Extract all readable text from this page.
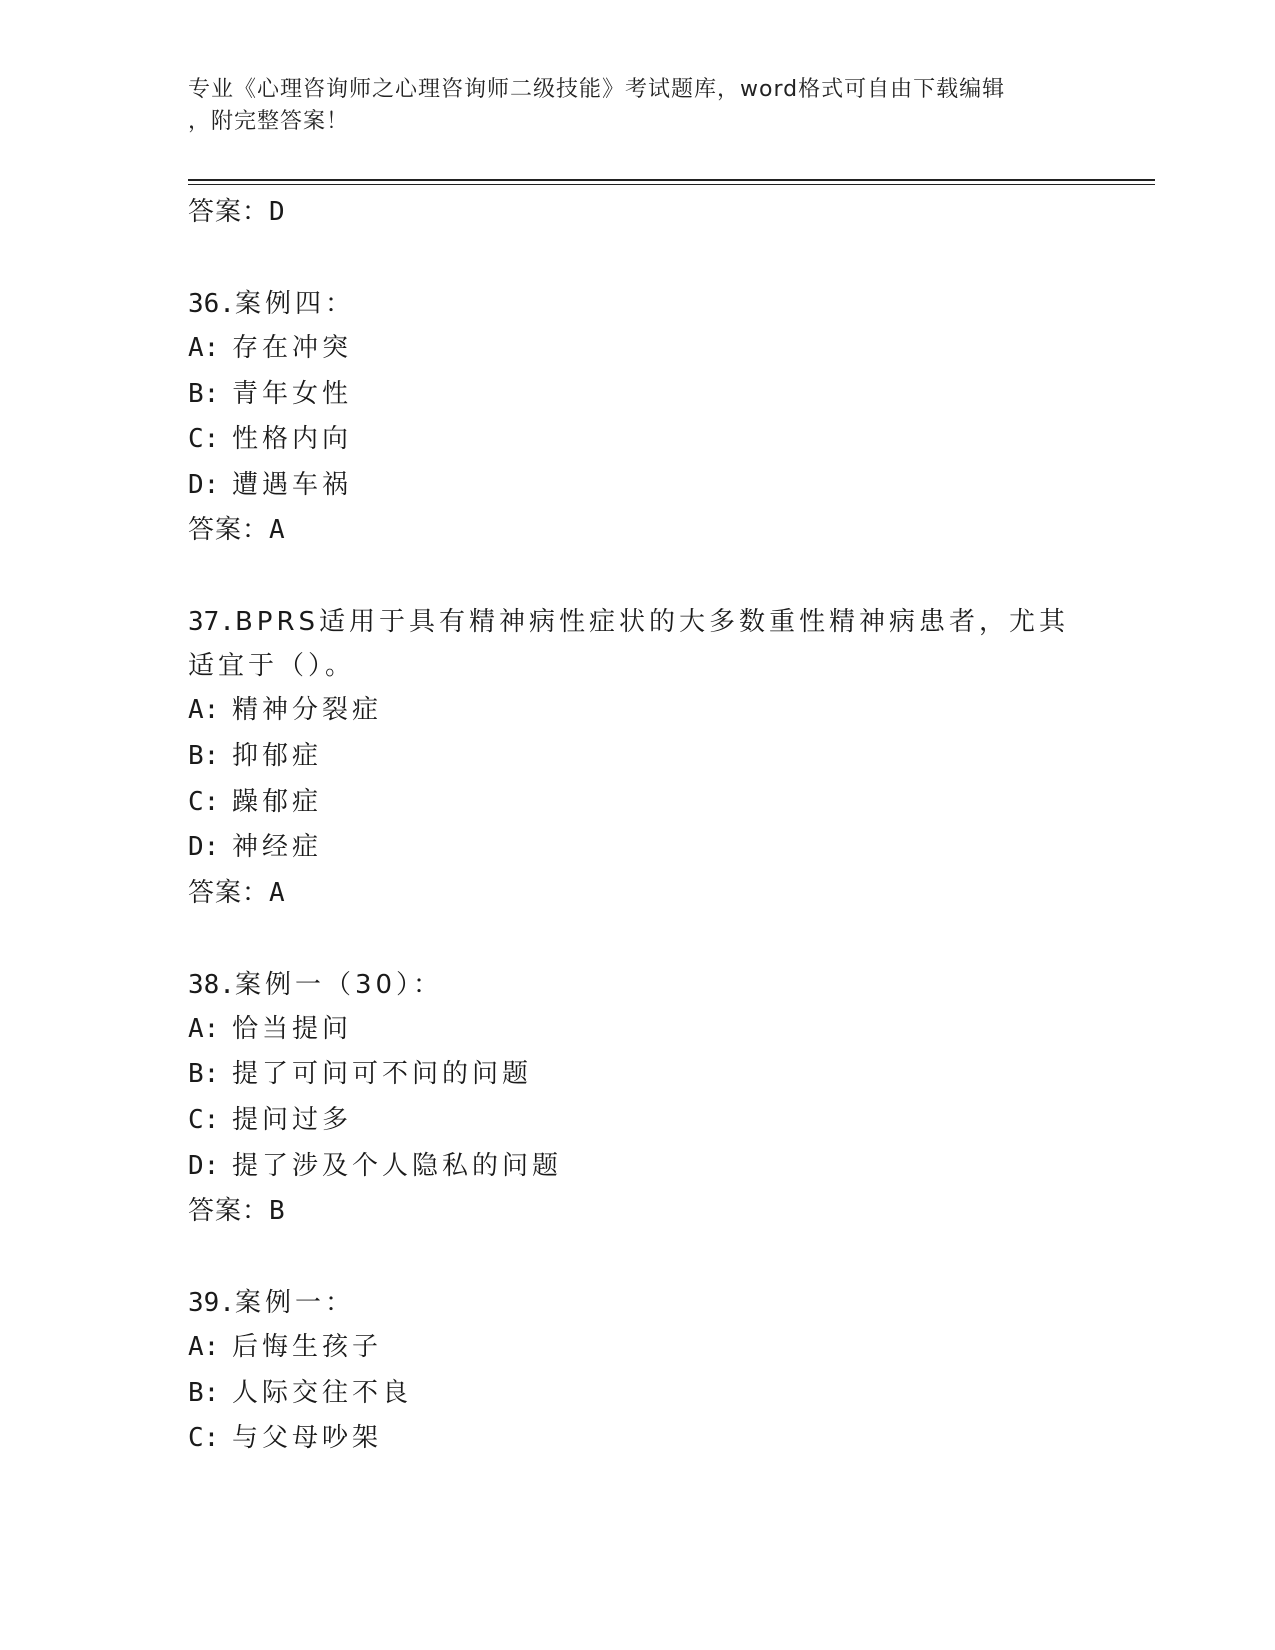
专业《心理咨询师之心理咨询师二级技能》考试题库，word格式可自由下载编辑
，附完整答案！
答案：D
36.案例四：
A: 存在冲突
B: 青年女性
C: 性格内向
D: 遭遇车祸
答案：A
37.BPRS适用于具有精神病性症状的大多数重性精神病患者，尤其适宜于（）。
A: 精神分裂症
B: 抑郁症
C: 躁郁症
D: 神经症
答案：A
38.案例一（30）：
A: 恰当提问
B: 提了可问可不问的问题
C: 提问过多
D: 提了涉及个人隐私的问题
答案：B
39.案例一：
A: 后悔生孩子
B: 人际交往不良
C: 与父母吵架
